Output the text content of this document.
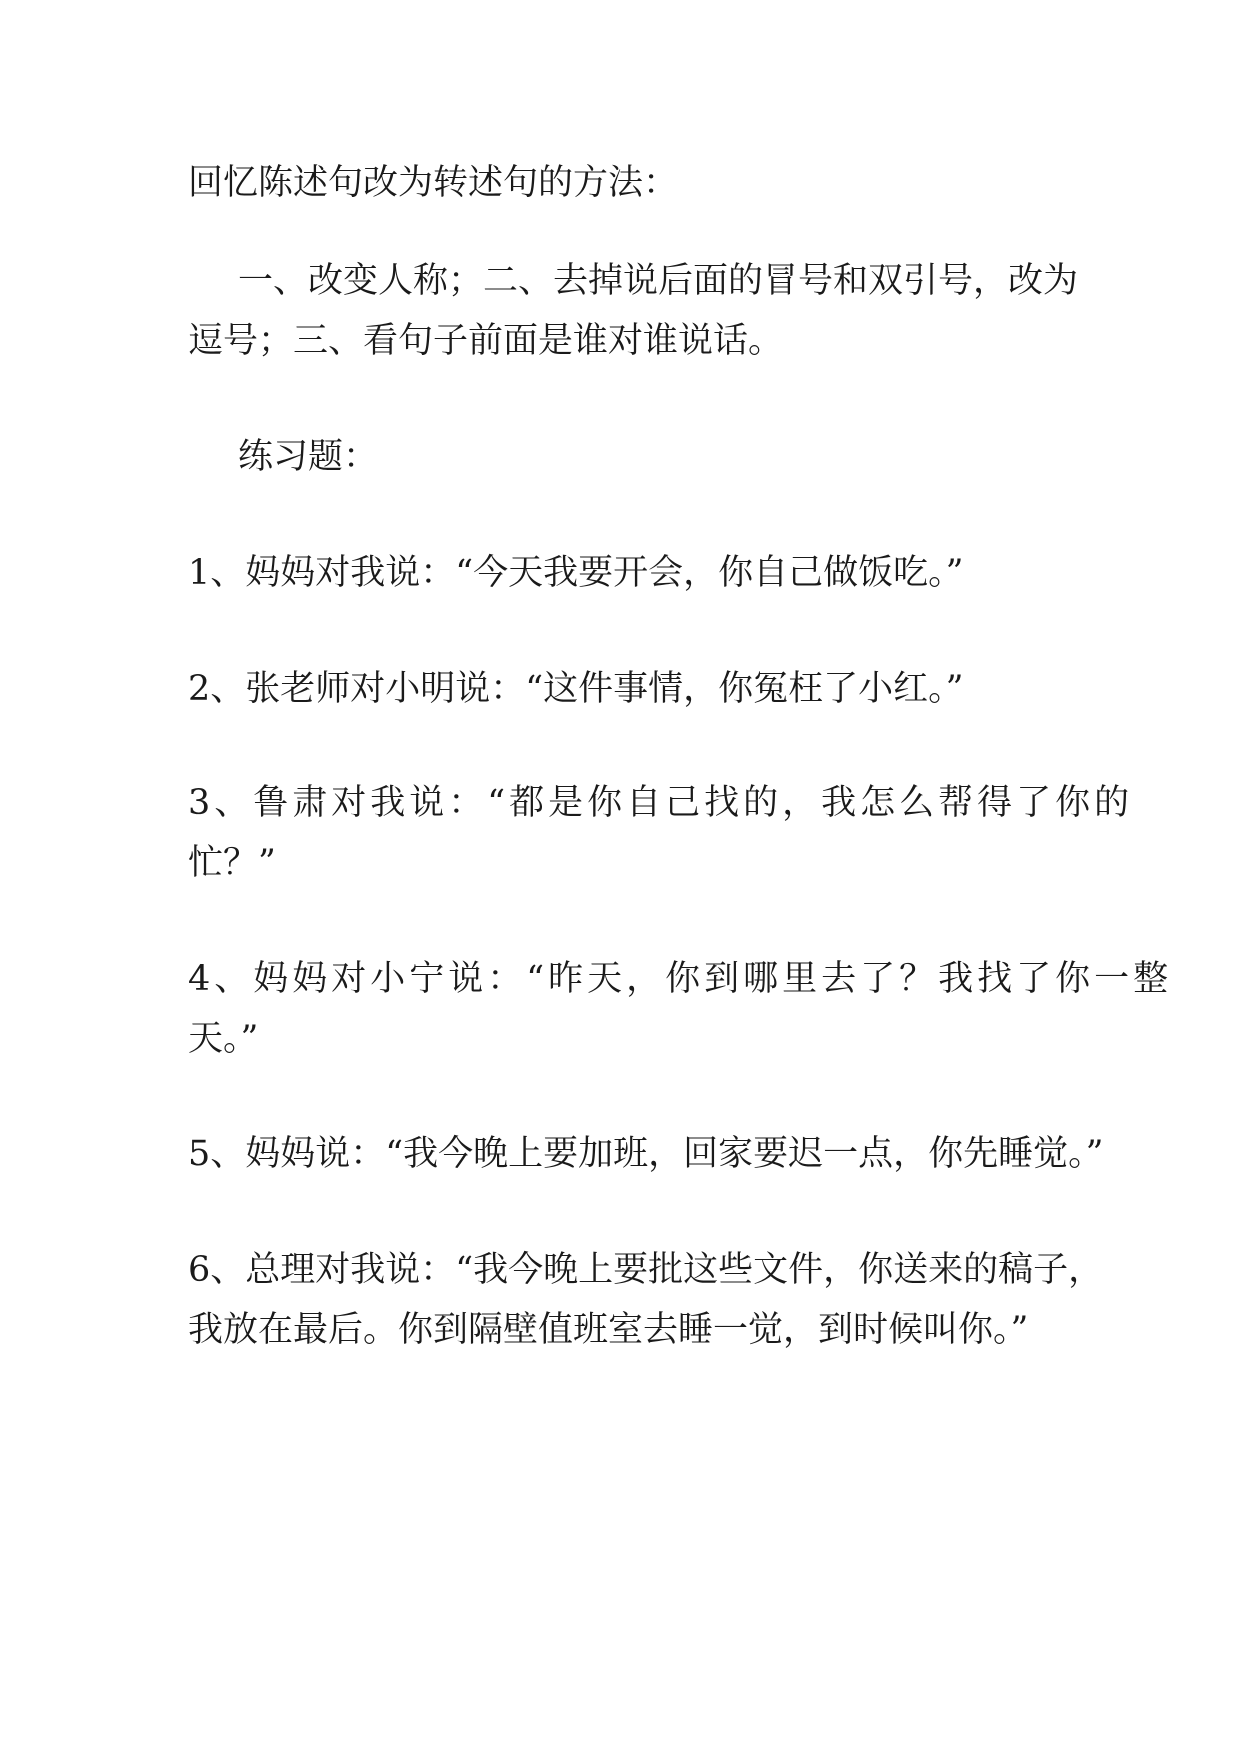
回忆陈述句改为转述句的方法：
一、改变人称；二、去掉说后面的冒号和双引号，改为
逗号；三、看句子前面是谁对谁说话。
练习题：
1、妈妈对我说：“今天我要开会，你自己做饭吃。”
2、张老师对小明说：“这件事情，你冤枉了小红。”
3、鲁肃对我说：“都是你自己找的，我怎么帮得了你的
忙？”
4、妈妈对小宁说：“昨天，你到哪里去了？我找了你一整
天。”
5、妈妈说：“我今晚上要加班，回家要迟一点，你先睡觉。”
6、总理对我说：“我今晚上要批这些文件，你送来的稿子，
我放在最后。你到隔壁值班室去睡一觉，到时候叫你。”
